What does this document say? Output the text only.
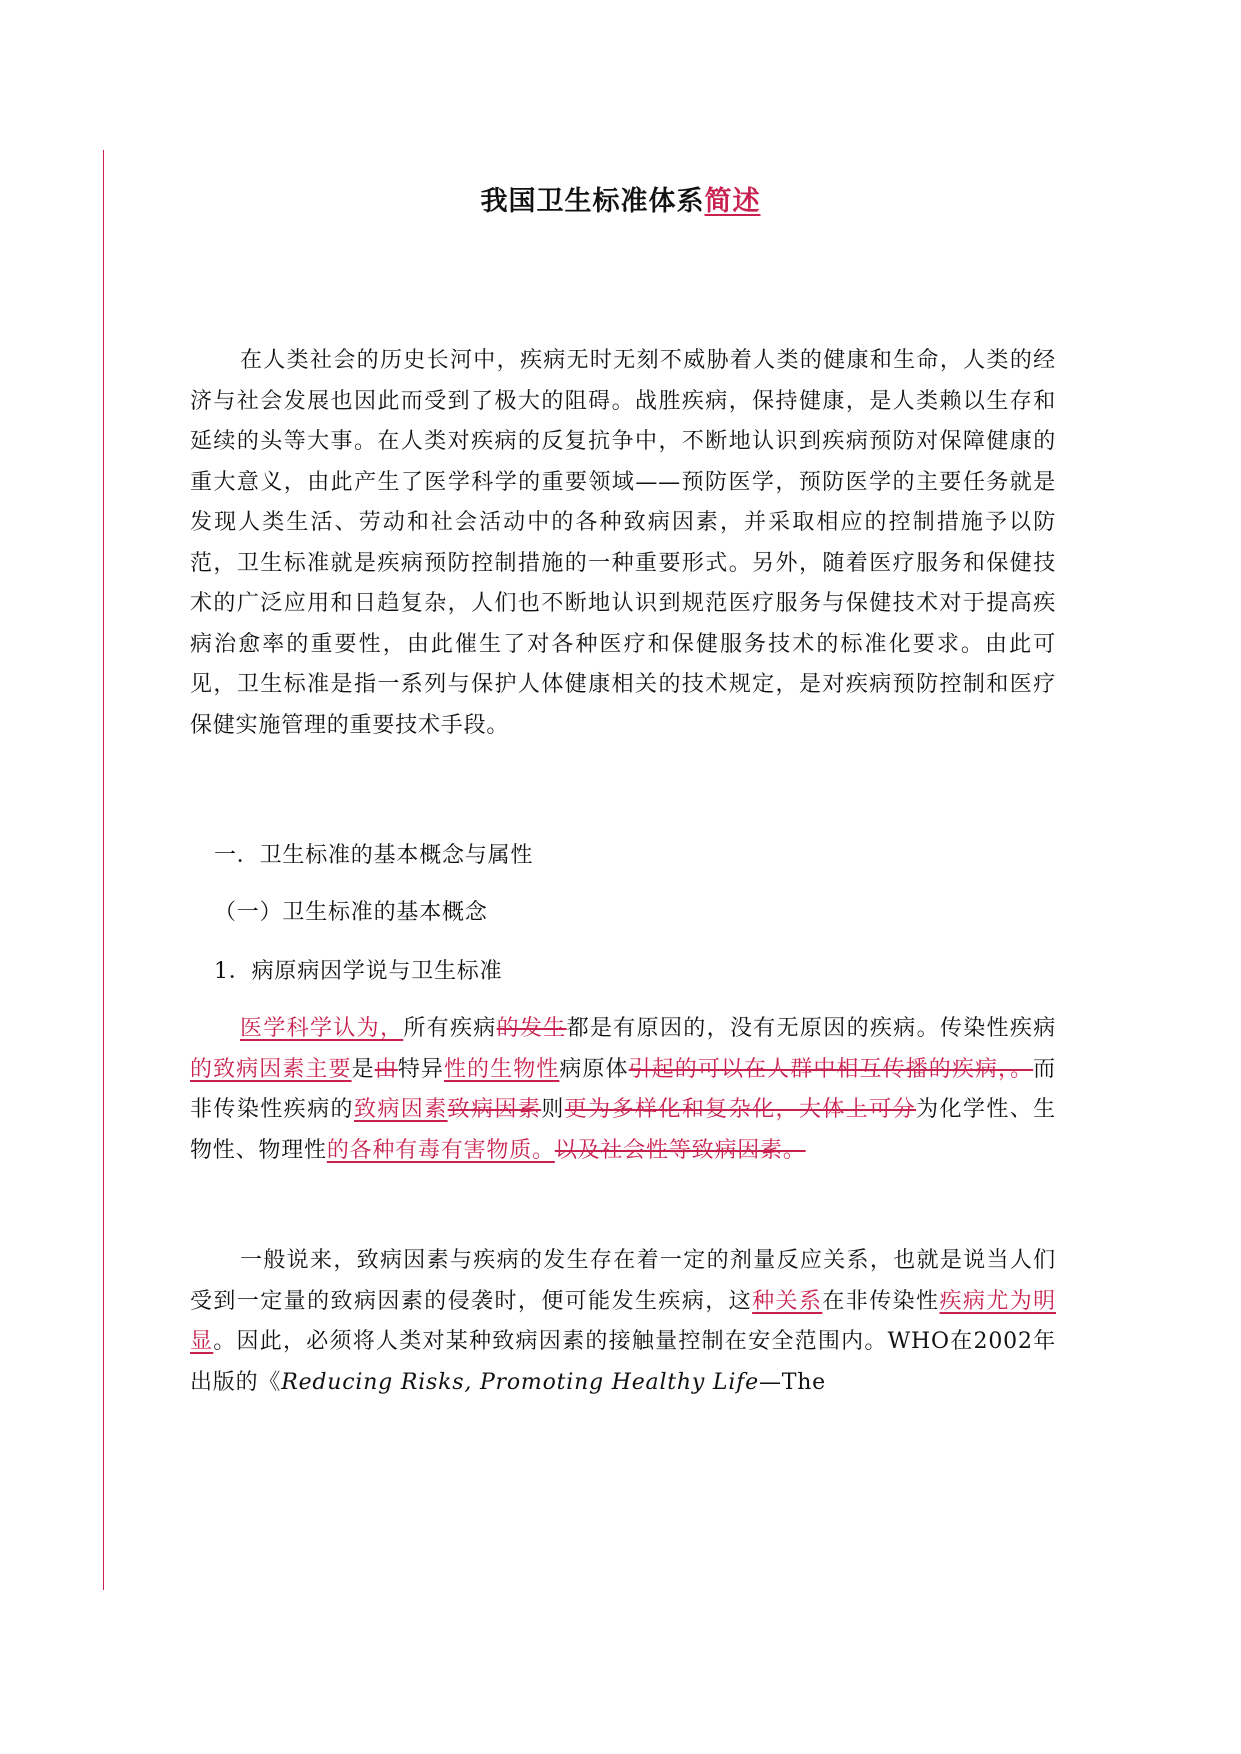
我国卫生标准体系简述

在人类社会的历史长河中，疾病无时无刻不威胁着人类的健康和生命，人类的经济与社会发展也因此而受到了极大的阻碍。战胜疾病，保持健康，是人类赖以生存和延续的头等大事。在人类对疾病的反复抗争中，不断地认识到疾病预防对保障健康的重大意义，由此产生了医学科学的重要领域——预防医学，预防医学的主要任务就是发现人类生活、劳动和社会活动中的各种致病因素，并采取相应的控制措施予以防范，卫生标准就是疾病预防控制措施的一种重要形式。另外，随着医疗服务和保健技术的广泛应用和日趋复杂，人们也不断地认识到规范医疗服务与保健技术对于提高疾病治愈率的重要性，由此催生了对各种医疗和保健服务技术的标准化要求。由此可见，卫生标准是指一系列与保护人体健康相关的技术规定，是对疾病预防控制和医疗保健实施管理的重要技术手段。

一．卫生标准的基本概念与属性
（一）卫生标准的基本概念
1．病原病因学说与卫生标准

医学科学认为，所有疾病的发生都是有原因的，没有无原因的疾病。传染性疾病的致病因素主要是由特异性的生物性病原体引起的可以在人群中相互传播的疾病，。而非传染性疾病的致病因素致病因素则更为多样化和复杂化，大体上可分为化学性、生物性、物理性的各种有毒有害物质。以及社会性等致病因素。

一般说来，致病因素与疾病的发生存在着一定的剂量反应关系，也就是说当人们受到一定量的致病因素的侵袭时，便可能发生疾病，这种关系在非传染性疾病尤为明显。因此，必须将人类对某种致病因素的接触量控制在安全范围内。WHO在2002年出版的《Reducing Risks, Promoting Healthy Life—The
